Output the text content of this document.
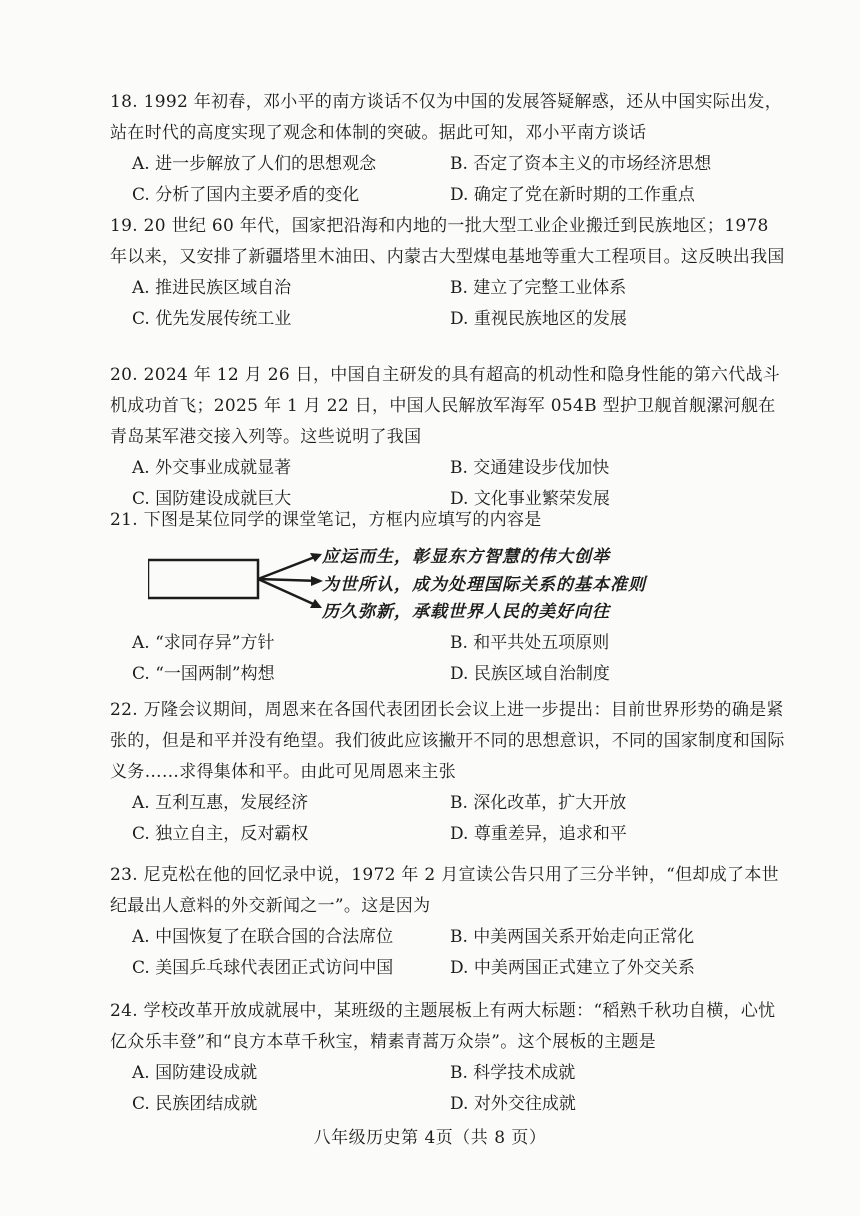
18. 1992 年初春，邓小平的南方谈话不仅为中国的发展答疑解惑，还从中国实际出发，站在时代的高度实现了观念和体制的突破。据此可知，邓小平南方谈话
A. 进一步解放了人们的思想观念	B. 否定了资本主义的市场经济思想
C. 分析了国内主要矛盾的变化	D. 确定了党在新时期的工作重点
19. 20 世纪 60 年代，国家把沿海和内地的一批大型工业企业搬迁到民族地区；1978 年以来，又安排了新疆塔里木油田、内蒙古大型煤电基地等重大工程项目。这反映出我国
A. 推进民族区域自治	B. 建立了完整工业体系
C. 优先发展传统工业	D. 重视民族地区的发展
20. 2024 年 12 月 26 日，中国自主研发的具有超高的机动性和隐身性能的第六代战斗机成功首飞；2025 年 1 月 22 日，中国人民解放军海军 054B 型护卫舰首舰漯河舰在青岛某军港交接入列等。这些说明了我国
A. 外交事业成就显著	B. 交通建设步伐加快
C. 国防建设成就巨大	D. 文化事业繁荣发展
21. 下图是某位同学的课堂笔记，方框内应填写的内容是
应运而生，彰显东方智慧的伟大创举
为世所认，成为处理国际关系的基本准则
历久弥新，承载世界人民的美好向往
A. “求同存异”方针	B. 和平共处五项原则
C. “一国两制”构想	D. 民族区域自治制度
22. 万隆会议期间，周恩来在各国代表团团长会议上进一步提出：目前世界形势的确是紧张的，但是和平并没有绝望。我们彼此应该撇开不同的思想意识，不同的国家制度和国际义务……求得集体和平。由此可见周恩来主张
A. 互利互惠，发展经济	B. 深化改革，扩大开放
C. 独立自主，反对霸权	D. 尊重差异，追求和平
23. 尼克松在他的回忆录中说，1972 年 2 月宣读公告只用了三分半钟，“但却成了本世纪最出人意料的外交新闻之一”。这是因为
A. 中国恢复了在联合国的合法席位	B. 中美两国关系开始走向正常化
C. 美国乒乓球代表团正式访问中国	D. 中美两国正式建立了外交关系
24. 学校改革开放成就展中，某班级的主题展板上有两大标题：“稻熟千秋功自横，心忧亿众乐丰登”和“良方本草千秋宝，精素青蒿万众崇”。这个展板的主题是
A. 国防建设成就	B. 科学技术成就
C. 民族团结成就	D. 对外交往成就
八年级历史第 4页（共 8 页）
